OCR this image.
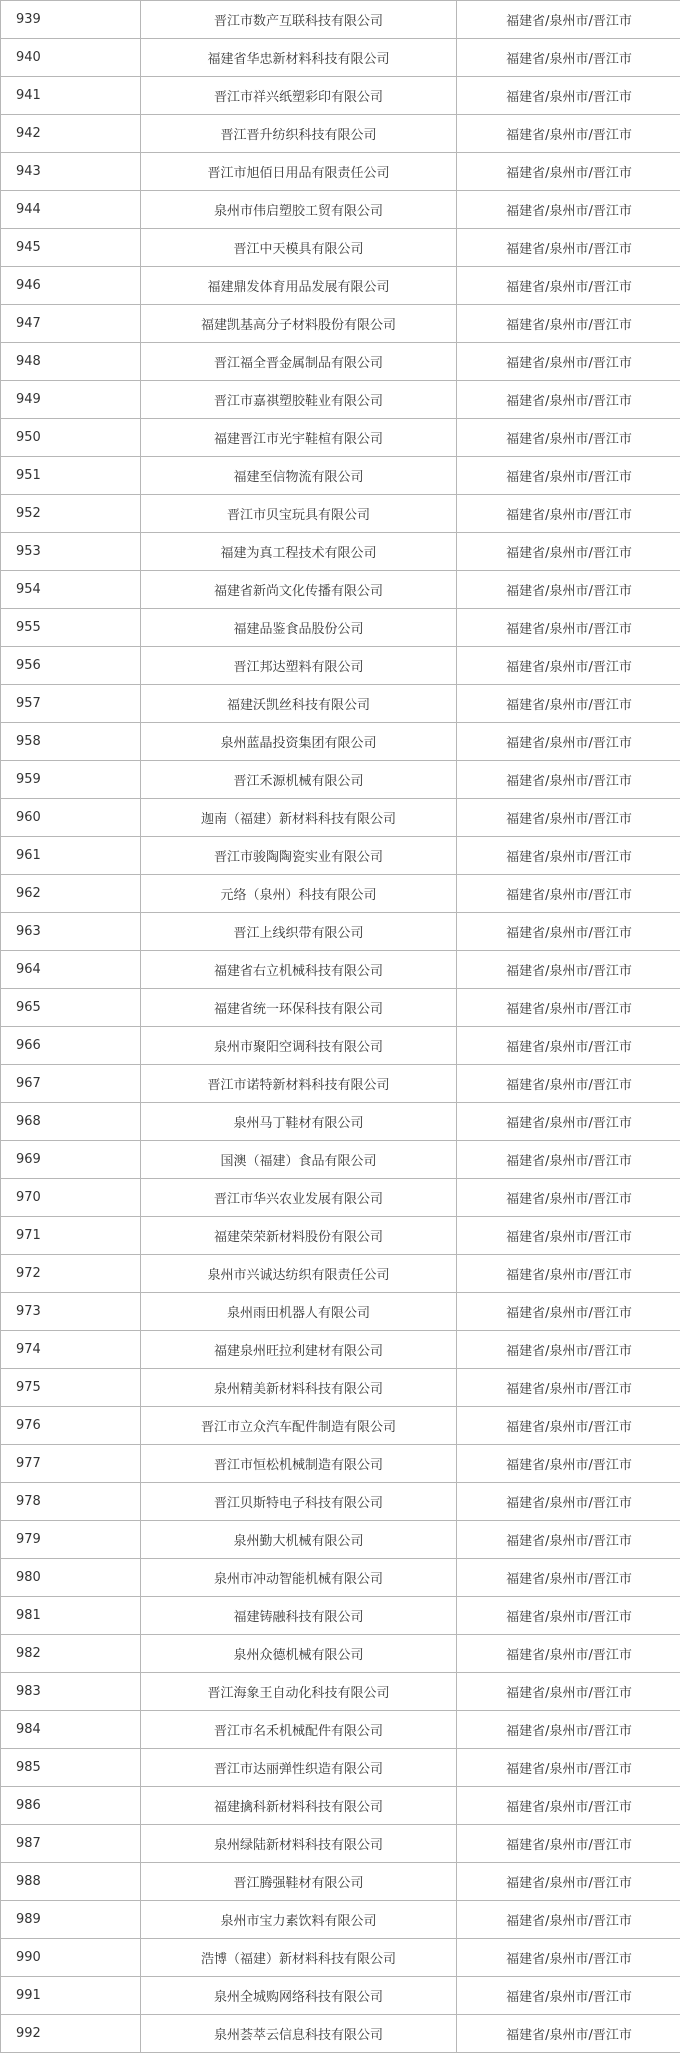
939	晋江市数产互联科技有限公司	福建省/泉州市/晋江市
940	福建省华忠新材料科技有限公司	福建省/泉州市/晋江市
941	晋江市祥兴纸塑彩印有限公司	福建省/泉州市/晋江市
942	晋江晋升纺织科技有限公司	福建省/泉州市/晋江市
943	晋江市旭佰日用品有限责任公司	福建省/泉州市/晋江市
944	泉州市伟启塑胶工贸有限公司	福建省/泉州市/晋江市
945	晋江中天模具有限公司	福建省/泉州市/晋江市
946	福建鼎发体育用品发展有限公司	福建省/泉州市/晋江市
947	福建凯基高分子材料股份有限公司	福建省/泉州市/晋江市
948	晋江福全晋金属制品有限公司	福建省/泉州市/晋江市
949	晋江市嘉祺塑胶鞋业有限公司	福建省/泉州市/晋江市
950	福建晋江市光宇鞋楦有限公司	福建省/泉州市/晋江市
951	福建至信物流有限公司	福建省/泉州市/晋江市
952	晋江市贝宝玩具有限公司	福建省/泉州市/晋江市
953	福建为真工程技术有限公司	福建省/泉州市/晋江市
954	福建省新尚文化传播有限公司	福建省/泉州市/晋江市
955	福建品鉴食品股份公司	福建省/泉州市/晋江市
956	晋江邦达塑料有限公司	福建省/泉州市/晋江市
957	福建沃凯丝科技有限公司	福建省/泉州市/晋江市
958	泉州蓝晶投资集团有限公司	福建省/泉州市/晋江市
959	晋江禾源机械有限公司	福建省/泉州市/晋江市
960	迦南（福建）新材料科技有限公司	福建省/泉州市/晋江市
961	晋江市骏陶陶瓷实业有限公司	福建省/泉州市/晋江市
962	元络（泉州）科技有限公司	福建省/泉州市/晋江市
963	晋江上线织带有限公司	福建省/泉州市/晋江市
964	福建省右立机械科技有限公司	福建省/泉州市/晋江市
965	福建省统一环保科技有限公司	福建省/泉州市/晋江市
966	泉州市聚阳空调科技有限公司	福建省/泉州市/晋江市
967	晋江市诺特新材料科技有限公司	福建省/泉州市/晋江市
968	泉州马丁鞋材有限公司	福建省/泉州市/晋江市
969	国澳（福建）食品有限公司	福建省/泉州市/晋江市
970	晋江市华兴农业发展有限公司	福建省/泉州市/晋江市
971	福建荣荣新材料股份有限公司	福建省/泉州市/晋江市
972	泉州市兴诚达纺织有限责任公司	福建省/泉州市/晋江市
973	泉州雨田机器人有限公司	福建省/泉州市/晋江市
974	福建泉州旺拉利建材有限公司	福建省/泉州市/晋江市
975	泉州精美新材料科技有限公司	福建省/泉州市/晋江市
976	晋江市立众汽车配件制造有限公司	福建省/泉州市/晋江市
977	晋江市恒松机械制造有限公司	福建省/泉州市/晋江市
978	晋江贝斯特电子科技有限公司	福建省/泉州市/晋江市
979	泉州勤大机械有限公司	福建省/泉州市/晋江市
980	泉州市冲动智能机械有限公司	福建省/泉州市/晋江市
981	福建铸融科技有限公司	福建省/泉州市/晋江市
982	泉州众德机械有限公司	福建省/泉州市/晋江市
983	晋江海象王自动化科技有限公司	福建省/泉州市/晋江市
984	晋江市名禾机械配件有限公司	福建省/泉州市/晋江市
985	晋江市达丽弹性织造有限公司	福建省/泉州市/晋江市
986	福建擒科新材料科技有限公司	福建省/泉州市/晋江市
987	泉州绿陆新材料科技有限公司	福建省/泉州市/晋江市
988	晋江腾强鞋材有限公司	福建省/泉州市/晋江市
989	泉州市宝力素饮料有限公司	福建省/泉州市/晋江市
990	浩博（福建）新材料科技有限公司	福建省/泉州市/晋江市
991	泉州全城购网络科技有限公司	福建省/泉州市/晋江市
992	泉州荟萃云信息科技有限公司	福建省/泉州市/晋江市
